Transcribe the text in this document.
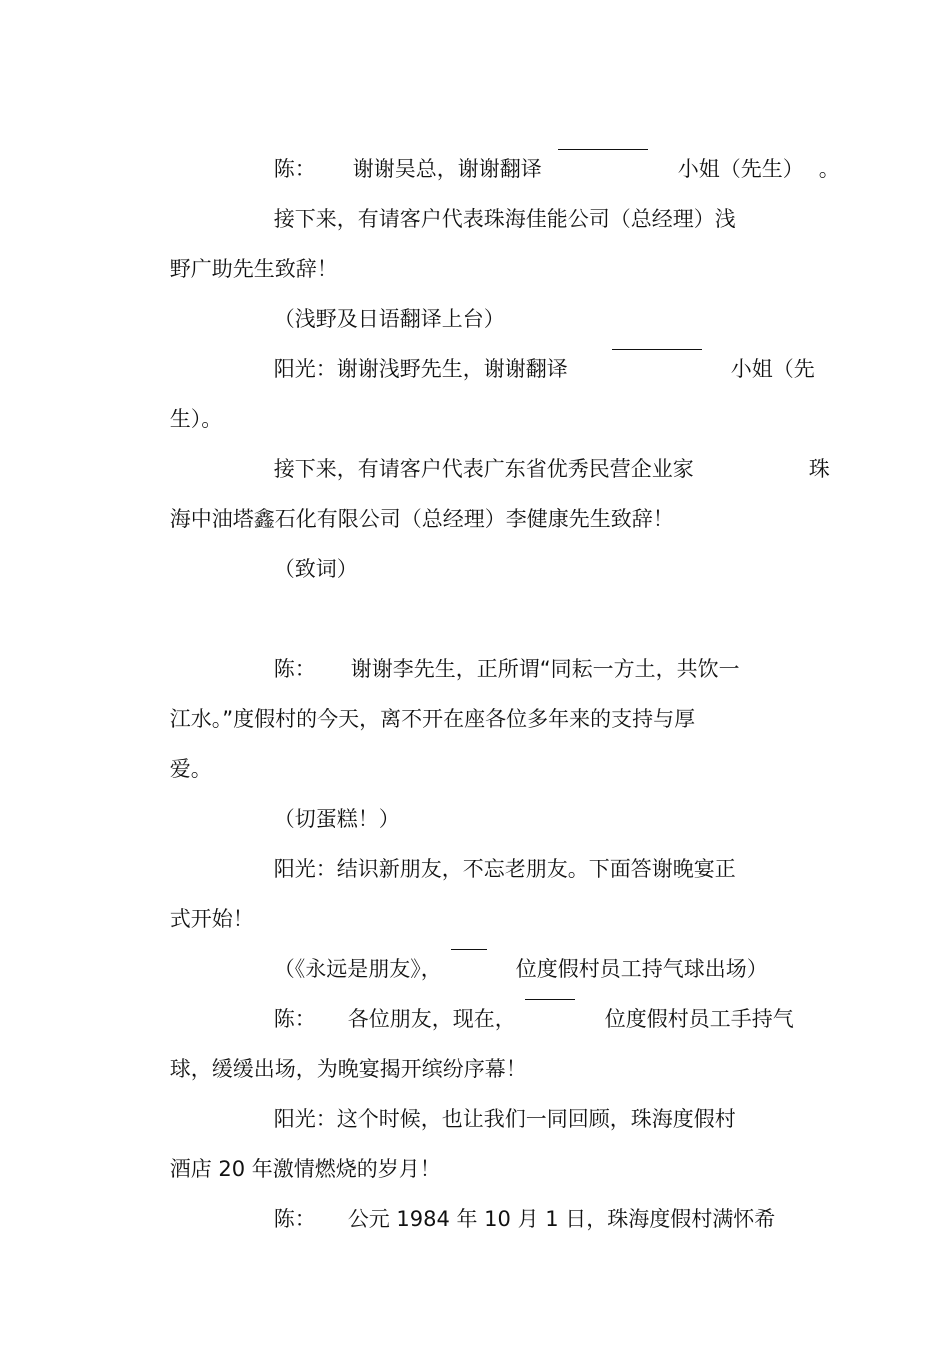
陈：
	谢谢吴总，谢谢翻译
	小姐（先生）
。

接下来，有请客户代表珠海佳能公司（总经理）浅

野广助先生致辞！

（浅野及日语翻译上台）

阳光：谢谢浅野先生，谢谢翻译
	小姐（先

生）。

接下来，有请客户代表广东省优秀民营企业家
	珠

海中油塔鑫石化有限公司（总经理）李健康先生致辞！

（致词）

陈：
	谢谢李先生，正所谓“同耘一方土，共饮一

江水。”度假村的今天，离不开在座各位多年来的支持与厚

爱。

（切蛋糕！）

阳光：结识新朋友，不忘老朋友。下面答谢晚宴正

式开始！

（《永远是朋友》，
	位度假村员工持气球出场）

陈：
	各位朋友，现在，
	位度假村员工手持气

球，缓缓出场，为晚宴揭开缤纷序幕！

阳光：这个时候，也让我们一同回顾，珠海度假村

酒店 20 年激情燃烧的岁月！

陈：
	公元 1984 年 10 月 1 日，珠海度假村满怀希
